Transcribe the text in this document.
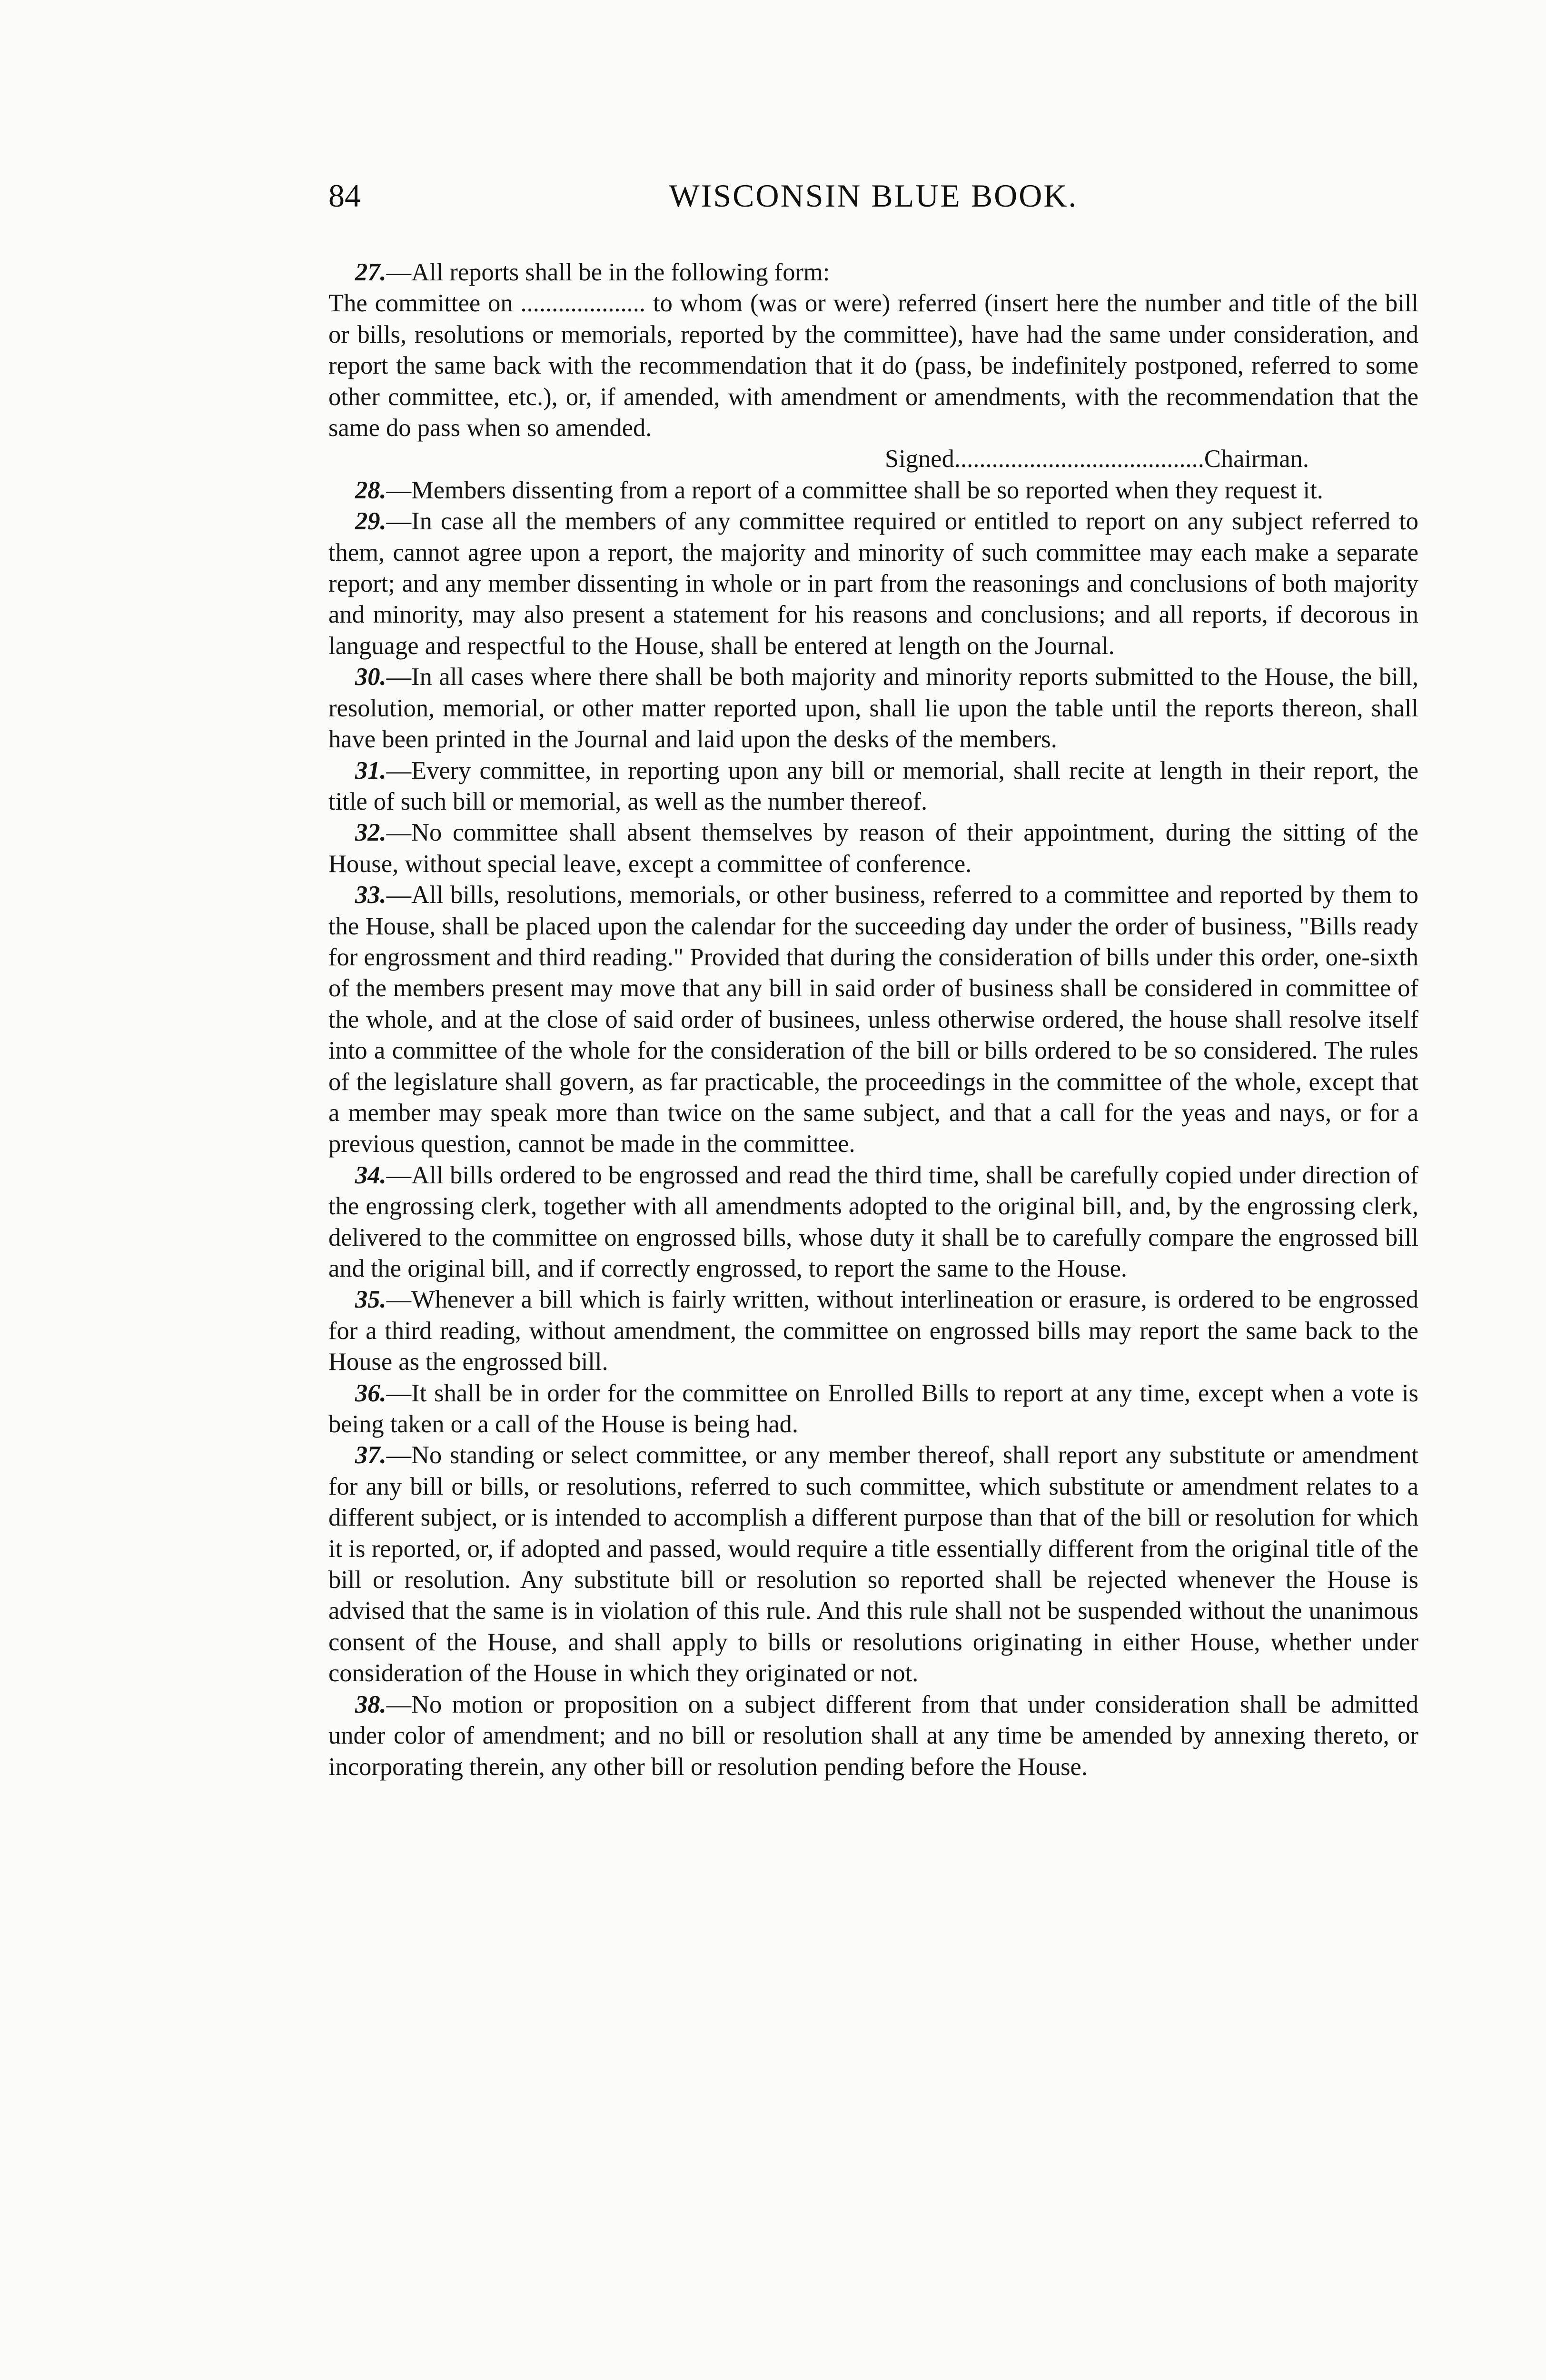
84	WISCONSIN BLUE BOOK.

27.—All reports shall be in the following form:

The committee on .................... to whom (was or were) referred (insert here the number and title of the bill or bills, resolutions or memorials, reported by the committee), have had the same under consideration, and report the same back with the recommendation that it do (pass, be indefinitely postponed, referred to some other committee, etc.), or, if amended, with amendment or amendments, with the recommendation that the same do pass when so amended.

Signed........................................Chairman.

28.—Members dissenting from a report of a committee shall be so reported when they request it.

29.—In case all the members of any committee required or entitled to report on any subject referred to them, cannot agree upon a report, the majority and minority of such committee may each make a separate report; and any member dissenting in whole or in part from the reasonings and conclusions of both majority and minority, may also present a statement for his reasons and conclusions; and all reports, if decorous in language and respectful to the House, shall be entered at length on the Journal.

30.—In all cases where there shall be both majority and minority reports submitted to the House, the bill, resolution, memorial, or other matter reported upon, shall lie upon the table until the reports thereon, shall have been printed in the Journal and laid upon the desks of the members.

31.—Every committee, in reporting upon any bill or memorial, shall recite at length in their report, the title of such bill or memorial, as well as the number thereof.

32.—No committee shall absent themselves by reason of their appointment, during the sitting of the House, without special leave, except a committee of conference.

33.—All bills, resolutions, memorials, or other business, referred to a committee and reported by them to the House, shall be placed upon the calendar for the succeeding day under the order of business, "Bills ready for engrossment and third reading." Provided that during the consideration of bills under this order, one-sixth of the members present may move that any bill in said order of business shall be considered in committee of the whole, and at the close of said order of businees, unless otherwise ordered, the house shall resolve itself into a committee of the whole for the consideration of the bill or bills ordered to be so considered. The rules of the legislature shall govern, as far practicable, the proceedings in the committee of the whole, except that a member may speak more than twice on the same subject, and that a call for the yeas and nays, or for a previous question, cannot be made in the committee.

34.—All bills ordered to be engrossed and read the third time, shall be carefully copied under direction of the engrossing clerk, together with all amendments adopted to the original bill, and, by the engrossing clerk, delivered to the committee on engrossed bills, whose duty it shall be to carefully compare the engrossed bill and the original bill, and if correctly engrossed, to report the same to the House.

35.—Whenever a bill which is fairly written, without interlineation or erasure, is ordered to be engrossed for a third reading, without amendment, the committee on engrossed bills may report the same back to the House as the engrossed bill.

36.—It shall be in order for the committee on Enrolled Bills to report at any time, except when a vote is being taken or a call of the House is being had.

37.—No standing or select committee, or any member thereof, shall report any substitute or amendment for any bill or bills, or resolutions, referred to such committee, which substitute or amendment relates to a different subject, or is intended to accomplish a different purpose than that of the bill or resolution for which it is reported, or, if adopted and passed, would require a title essentially different from the original title of the bill or resolution. Any substitute bill or resolution so reported shall be rejected whenever the House is advised that the same is in violation of this rule. And this rule shall not be suspended without the unanimous consent of the House, and shall apply to bills or resolutions originating in either House, whether under consideration of the House in which they originated or not.

38.—No motion or proposition on a subject different from that under consideration shall be admitted under color of amendment; and no bill or resolution shall at any time be amended by annexing thereto, or incorporating therein, any other bill or resolution pending before the House.
